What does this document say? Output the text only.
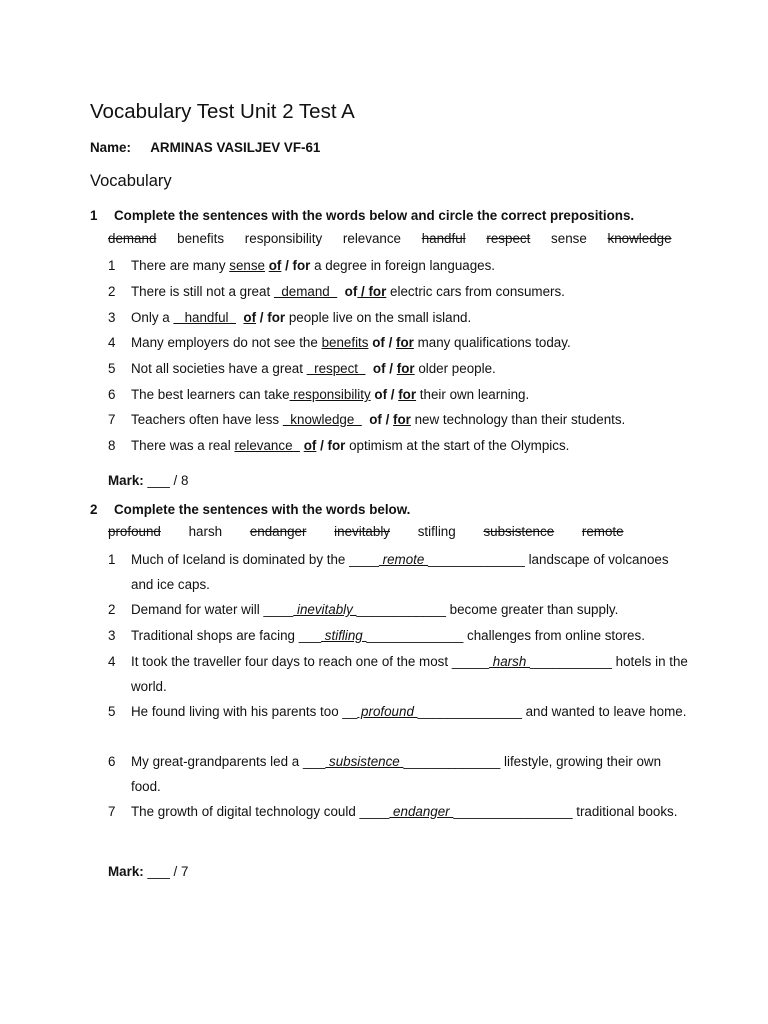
Vocabulary Test Unit 2 Test A
Name: ARMINAS VASILJEV VF-61
Vocabulary
1 Complete the sentences with the words below and circle the correct prepositions.
demand benefits responsibility relevance handful respect sense knowledge
1 There are many sense of / for a degree in foreign languages.
2 There is still not a great   demand    of / for electric cars from consumers.
3 Only a    handful    of / for people live on the small island.
4 Many employers do not see the benefits of / for many qualifications today.
5 Not all societies have a great   respect    of / for older people.
6 The best learners can take responsibility of / for their own learning.
7 Teachers often have less   knowledge    of / for new technology than their students.
8 There was a real relevance   of / for optimism at the start of the Olympics.
Mark: ___ / 8
2 Complete the sentences with the words below.
profound harsh endanger inevitably stifling subsistence remote
1 Much of Iceland is dominated by the ____ remote _____________ landscape of volcanoes and ice caps.
2 Demand for water will ____ inevitably ____________ become greater than supply.
3 Traditional shops are facing ___ stifling _____________ challenges from online stores.
4 It took the traveller four days to reach one of the most _____ harsh ___________ hotels in the world.
5 He found living with his parents too __ profound ______________ and wanted to leave home.
6 My great-grandparents led a ___ subsistence _____________ lifestyle, growing their own food.
7 The growth of digital technology could ____ endanger ________________ traditional books.
Mark: ___ / 7
